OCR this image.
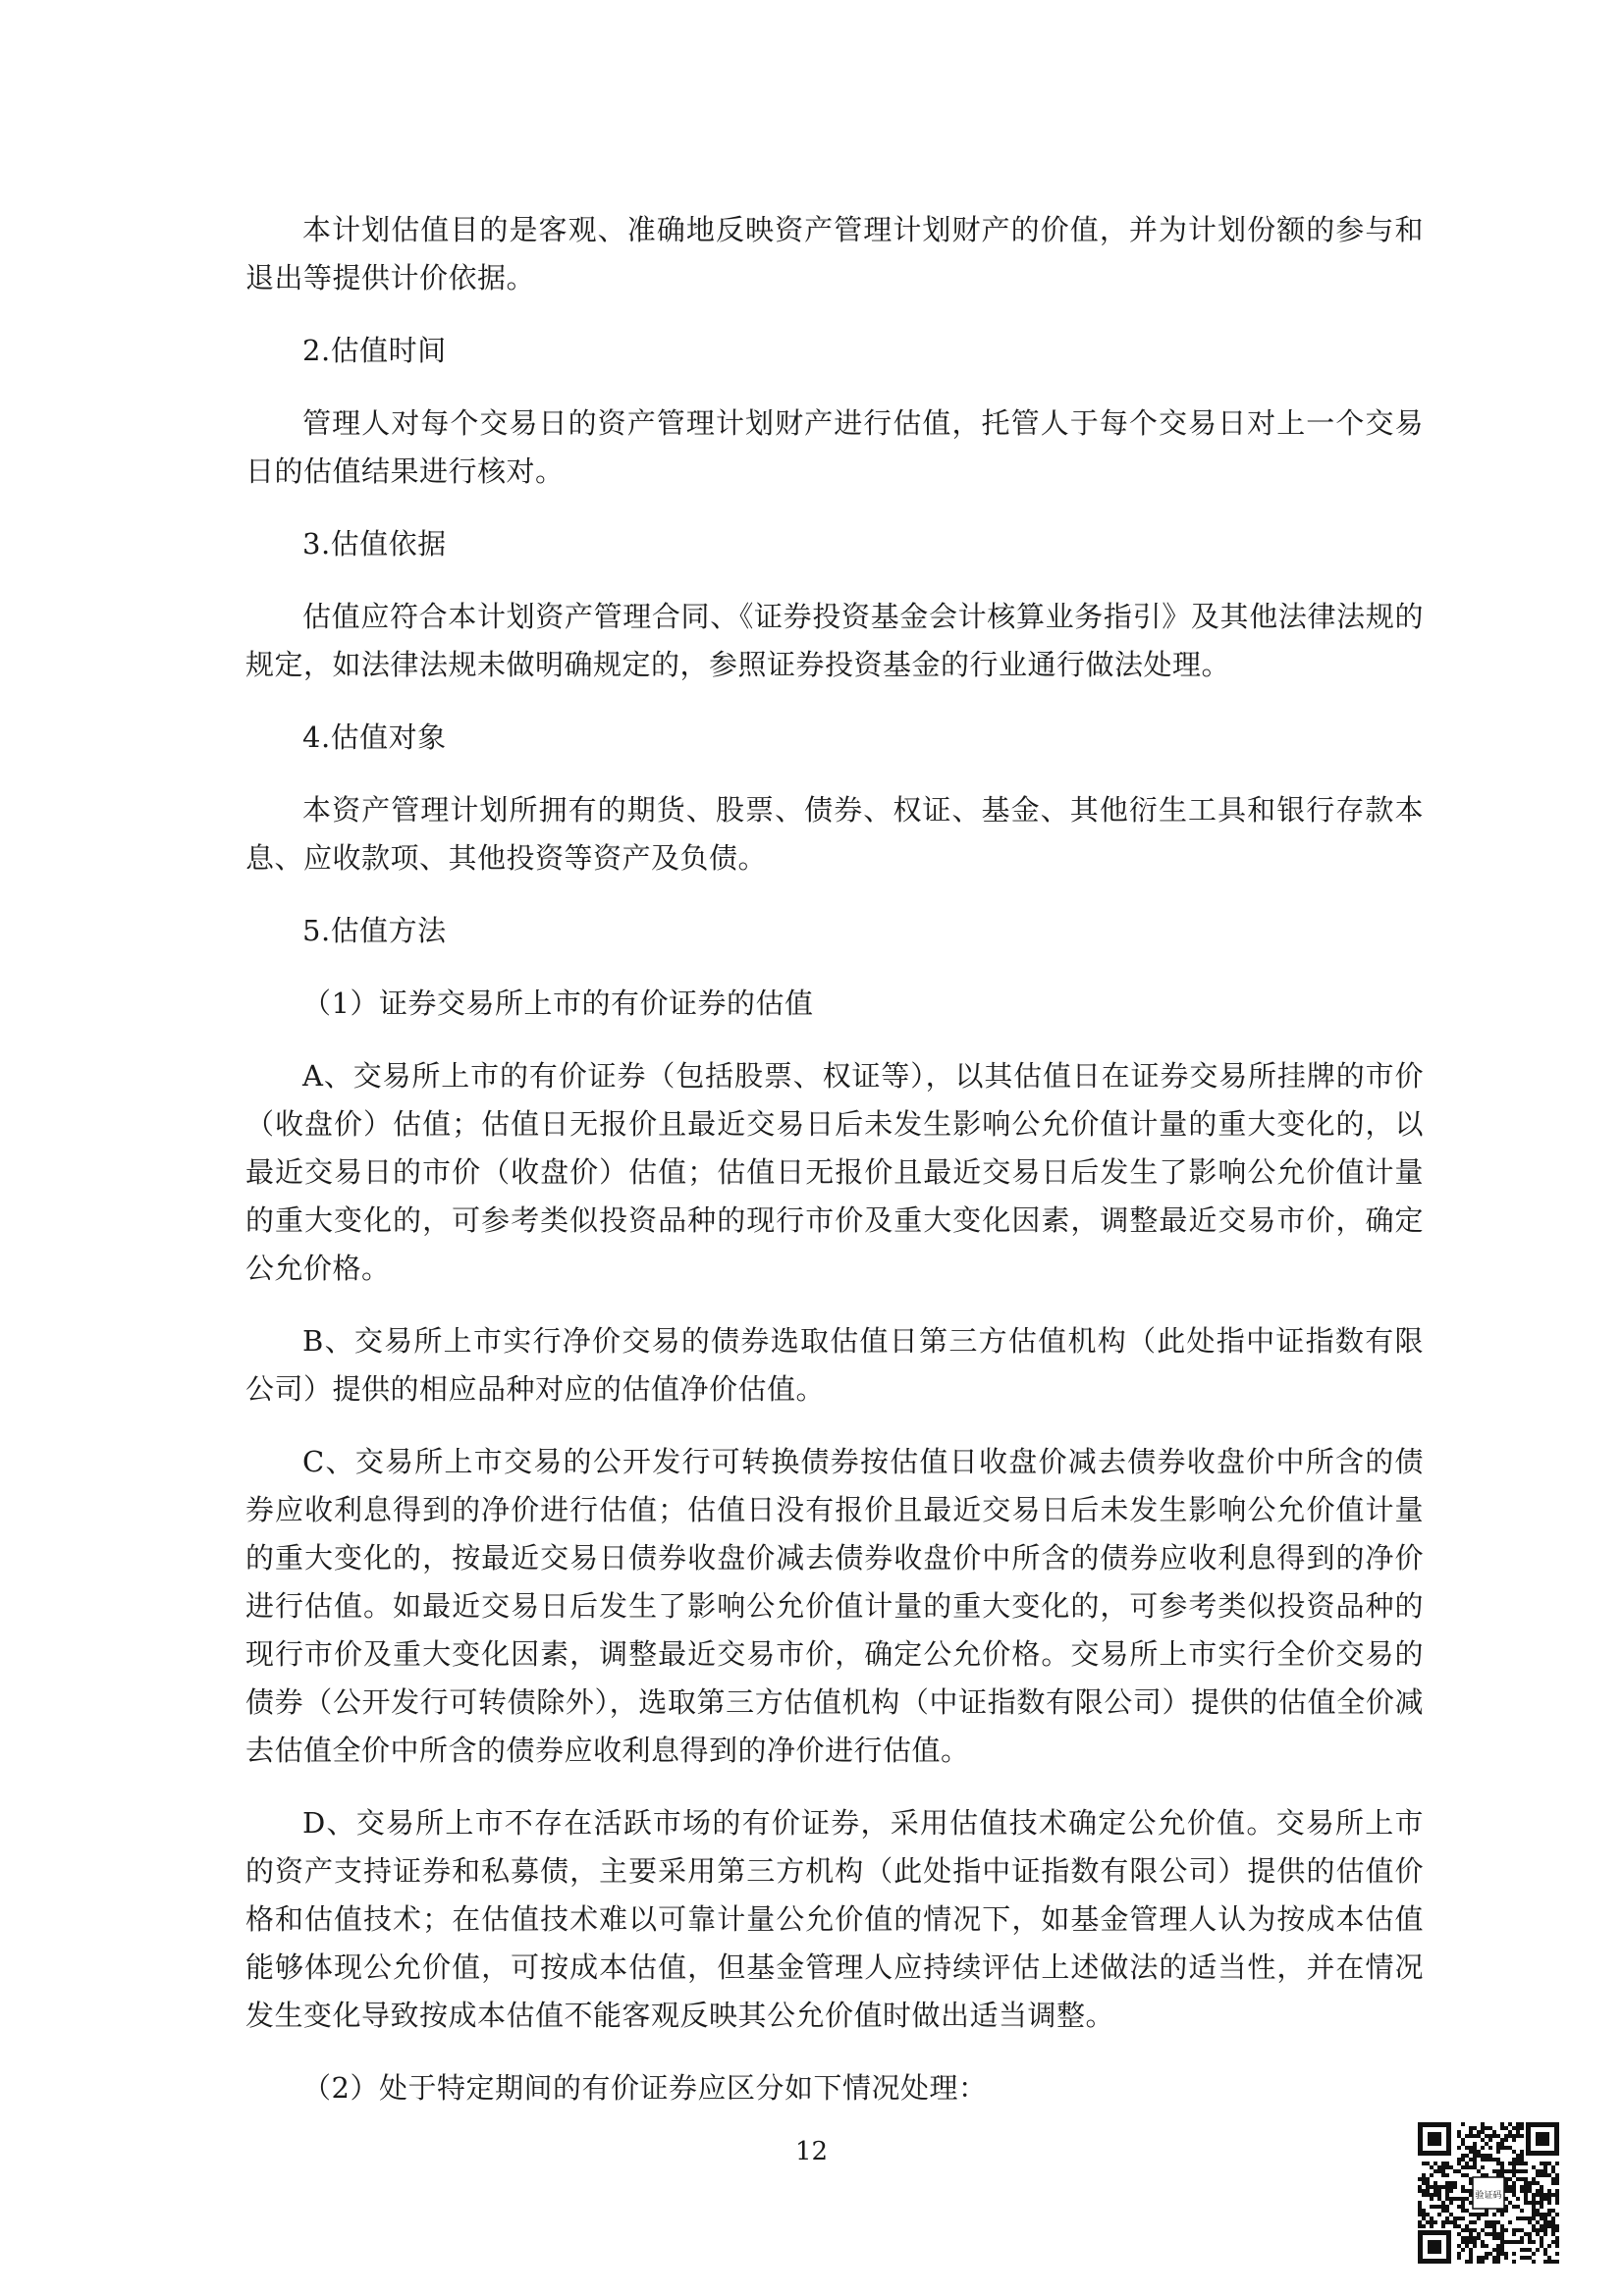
本计划估值目的是客观、准确地反映资产管理计划财产的价值，并为计划份额的参与和退出等提供计价依据。

2.估值时间

管理人对每个交易日的资产管理计划财产进行估值，托管人于每个交易日对上一个交易日的估值结果进行核对。

3.估值依据

估值应符合本计划资产管理合同、《证券投资基金会计核算业务指引》及其他法律法规的规定，如法律法规未做明确规定的，参照证券投资基金的行业通行做法处理。

4.估值对象

本资产管理计划所拥有的期货、股票、债券、权证、基金、其他衍生工具和银行存款本息、应收款项、其他投资等资产及负债。

5.估值方法

（1）证券交易所上市的有价证券的估值

A、交易所上市的有价证券（包括股票、权证等），以其估值日在证券交易所挂牌的市价（收盘价）估值；估值日无报价且最近交易日后未发生影响公允价值计量的重大变化的，以最近交易日的市价（收盘价）估值；估值日无报价且最近交易日后发生了影响公允价值计量的重大变化的，可参考类似投资品种的现行市价及重大变化因素，调整最近交易市价，确定公允价格。

B、交易所上市实行净价交易的债券选取估值日第三方估值机构（此处指中证指数有限公司）提供的相应品种对应的估值净价估值。

C、交易所上市交易的公开发行可转换债券按估值日收盘价减去债券收盘价中所含的债券应收利息得到的净价进行估值；估值日没有报价且最近交易日后未发生影响公允价值计量的重大变化的，按最近交易日债券收盘价减去债券收盘价中所含的债券应收利息得到的净价进行估值。如最近交易日后发生了影响公允价值计量的重大变化的，可参考类似投资品种的现行市价及重大变化因素，调整最近交易市价，确定公允价格。交易所上市实行全价交易的债券（公开发行可转债除外），选取第三方估值机构（中证指数有限公司）提供的估值全价减去估值全价中所含的债券应收利息得到的净价进行估值。

D、交易所上市不存在活跃市场的有价证券，采用估值技术确定公允价值。交易所上市的资产支持证券和私募债，主要采用第三方机构（此处指中证指数有限公司）提供的估值价格和估值技术；在估值技术难以可靠计量公允价值的情况下，如基金管理人认为按成本估值能够体现公允价值，可按成本估值，但基金管理人应持续评估上述做法的适当性，并在情况发生变化导致按成本估值不能客观反映其公允价值时做出适当调整。

（2）处于特定期间的有价证券应区分如下情况处理：

12
验证码
